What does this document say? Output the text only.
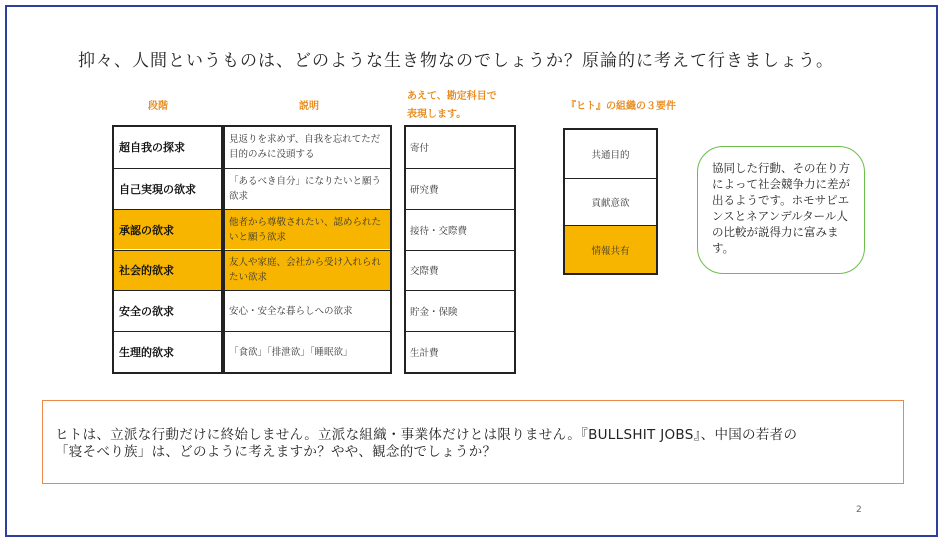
抑々、人間というものは、どのような生き物なのでしょうか？原論的に考えて行きましょう。
段階	説明
あえて、勘定科目で
表現します。
『ヒト』の組織の３要件
超自我の探求
自己実現の欲求
承認の欲求
社会的欲求
安全の欲求
生理的欲求
見返りを求めず、自我を忘れてただ目的のみに没頭する
「あるべき自分」になりたいと願う欲求
他者から尊敬されたい、認められたいと願う欲求
友人や家庭、会社から受け入れられたい欲求
安心・安全な暮らしへの欲求
「食欲」「排泄欲」「睡眠欲」
寄付
研究費
接待・交際費
交際費
貯金・保険
生計費
共通目的
貢献意欲
情報共有
協同した行動、その在り方によって社会競争力に差が出るようです。ホモサピエンスとネアンデルタール人の比較が説得力に富みます。
ヒトは、立派な行動だけに終始しません。立派な組織・事業体だけとは限りません。『BULLSHIT JOBS』、中国の若者の
「寝そべり族」は、どのように考えますか？やや、観念的でしょうか？
2
